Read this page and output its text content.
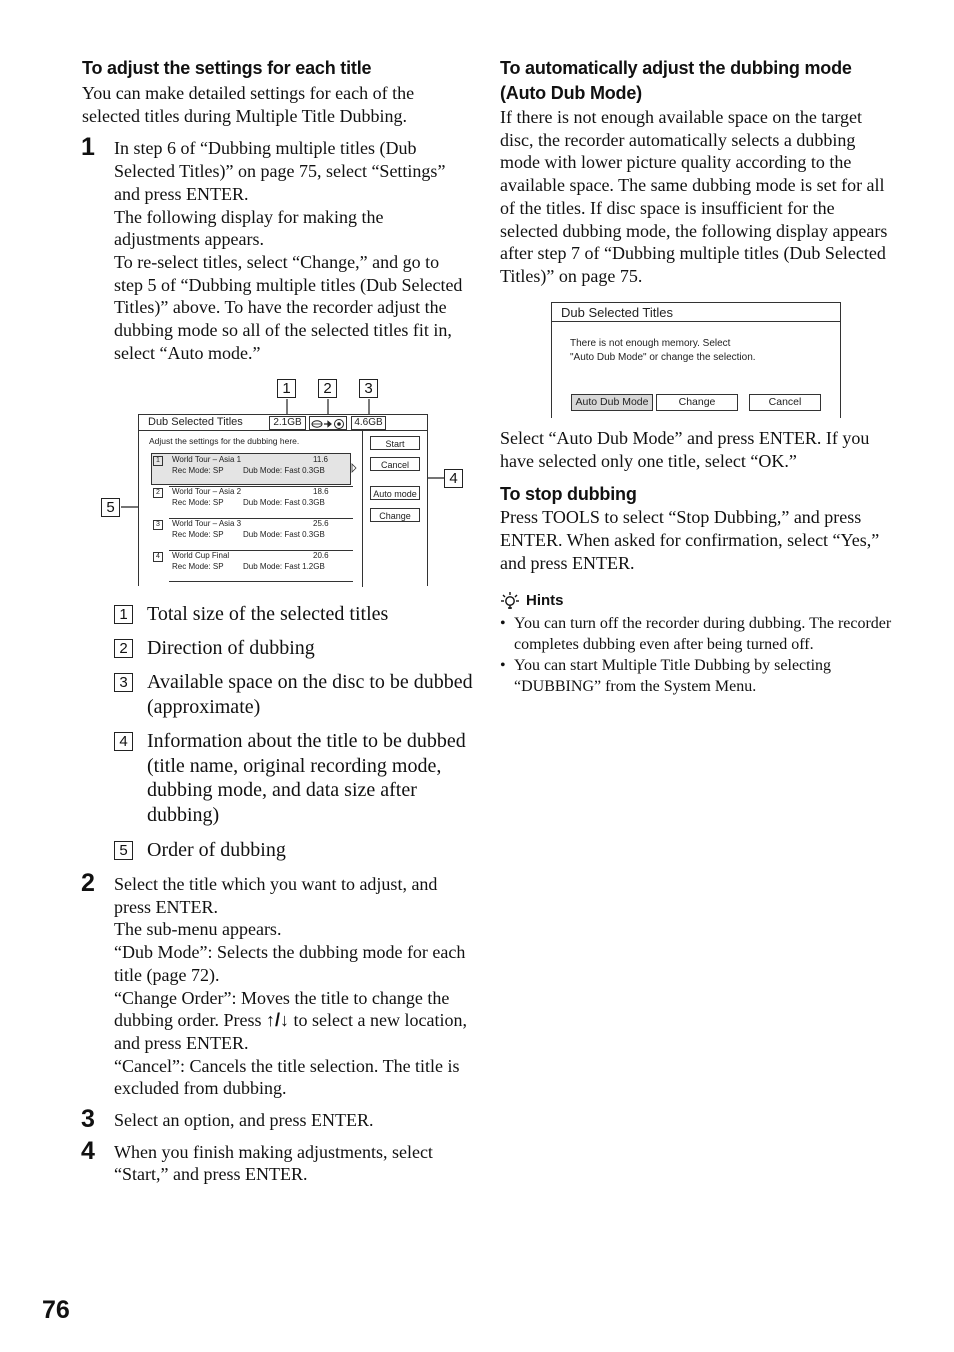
To adjust the settings for each title

You can make detailed settings for each of the selected titles during Multiple Title Dubbing.

1 In step 6 of “Dubbing multiple titles (Dub Selected Titles)” on page 75, select “Settings” and press ENTER.

The following display for making the adjustments appears.

To re-select titles, select “Change,” and go to step 5 of “Dubbing multiple titles (Dub Selected Titles)” above. To have the recorder adjust the dubbing mode so all of the selected titles fit in, select “Auto mode.”

1	2	3
4
5
Dub Selected Titles	2.1GB	4.6GB
Adjust the settings for the dubbing here.	Start
Cancel
Auto mode
Change
1	World Tour – Asia 1	11.6
Rec Mode: SP Dub Mode: Fast 0.3GB
2	World Tour – Asia 2	18.6
Rec Mode: SP Dub Mode: Fast 0.3GB
3	World Tour – Asia 3	25.6
Rec Mode: SP Dub Mode: Fast 0.3GB
4	World Cup Final	20.6
Rec Mode: SP Dub Mode: Fast 1.2GB
1 Total size of the selected titles
2 Direction of dubbing
3 Available space on the disc to be dubbed (approximate)
4 Information about the title to be dubbed (title name, original recording mode, dubbing mode, and data size after dubbing)
5 Order of dubbing
2 Select the title which you want to adjust, and press ENTER.

The sub-menu appears.

“Dub Mode”: Selects the dubbing mode for each title (page 72).

“Change Order”: Moves the title to change the dubbing order. Press ↑/↓ to select a new location, and press ENTER.

“Cancel”: Cancels the title selection. The title is excluded from dubbing.

3 Select an option, and press ENTER.

4 When you finish making adjustments, select “Start,” and press ENTER.

To automatically adjust the dubbing mode (Auto Dub Mode)

If there is not enough available space on the target disc, the recorder automatically selects a dubbing mode with lower picture quality according to the available space. The same dubbing mode is set for all of the titles. If disc space is insufficient for the selected dubbing mode, the following display appears after step 7 of “Dubbing multiple titles (Dub Selected Titles)” on page 75.

Dub Selected Titles
There is not enough memory. Select
"Auto Dub Mode" or change the selection.
Auto Dub Mode	Change	Cancel

Select “Auto Dub Mode” and press ENTER. If you have selected only one title, select “OK.”

To stop dubbing

Press TOOLS to select “Stop Dubbing,” and press ENTER. When asked for confirmation, select “Yes,” and press ENTER.

Hints
• You can turn off the recorder during dubbing. The recorder completes dubbing even after being turned off.
• You can start Multiple Title Dubbing by selecting “DUBBING” from the System Menu.
76
